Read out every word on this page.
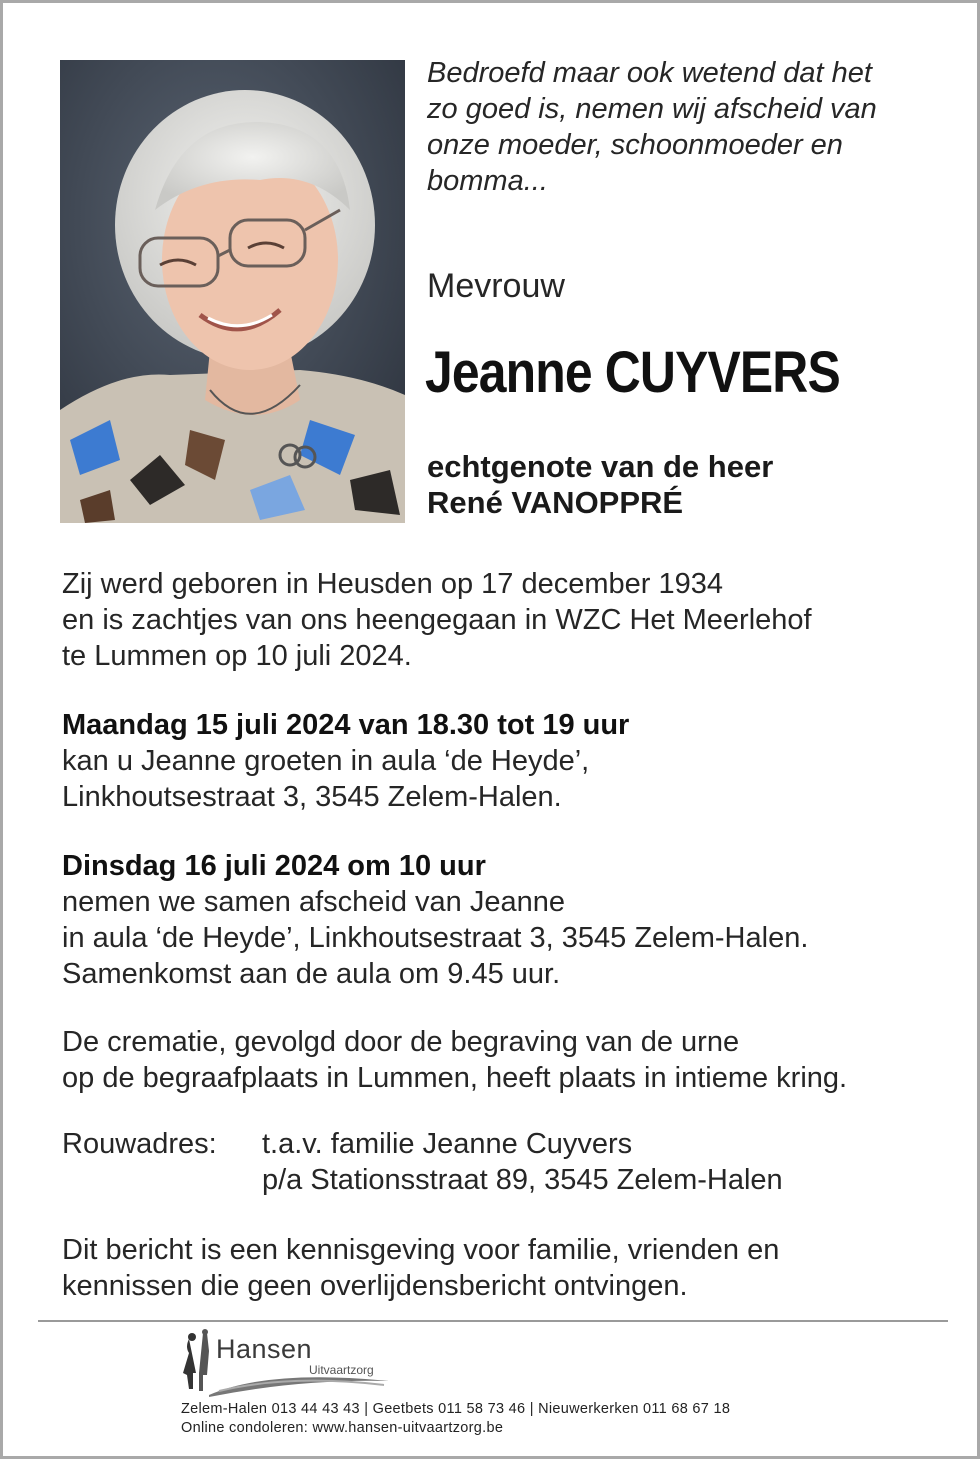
Bedroefd maar ook wetend dat het
zo goed is, nemen wij afscheid van
onze moeder, schoonmoeder en
bomma...

Mevrouw

Jeanne CUYVERS

echtgenote van de heer
René VANOPPRÉ

Zij werd geboren in Heusden op 17 december 1934
en is zachtjes van ons heengegaan in WZC Het Meerlehof
te Lummen op 10 juli 2024.

Maandag 15 juli 2024 van 18.30 tot 19 uur
kan u Jeanne groeten in aula ‘de Heyde’,
Linkhoutsestraat 3, 3545 Zelem-Halen.

Dinsdag 16 juli 2024 om 10 uur
nemen we samen afscheid van Jeanne
in aula ‘de Heyde’, Linkhoutsestraat 3, 3545 Zelem-Halen.
Samenkomst aan de aula om 9.45 uur.

De crematie, gevolgd door de begraving van de urne
op de begraafplaats in Lummen, heeft plaats in intieme kring.

Rouwadres:	t.a.v. familie Jeanne Cuyvers
p/a Stationsstraat 89, 3545 Zelem-Halen

Dit bericht is een kennisgeving voor familie, vrienden en
kennissen die geen overlijdensbericht ontvingen.

Hansen
Uitvaartzorg

Zelem-Halen 013 44 43 43 | Geetbets 011 58 73 46 | Nieuwerkerken 011 68 67 18
Online condoleren: www.hansen-uitvaartzorg.be
